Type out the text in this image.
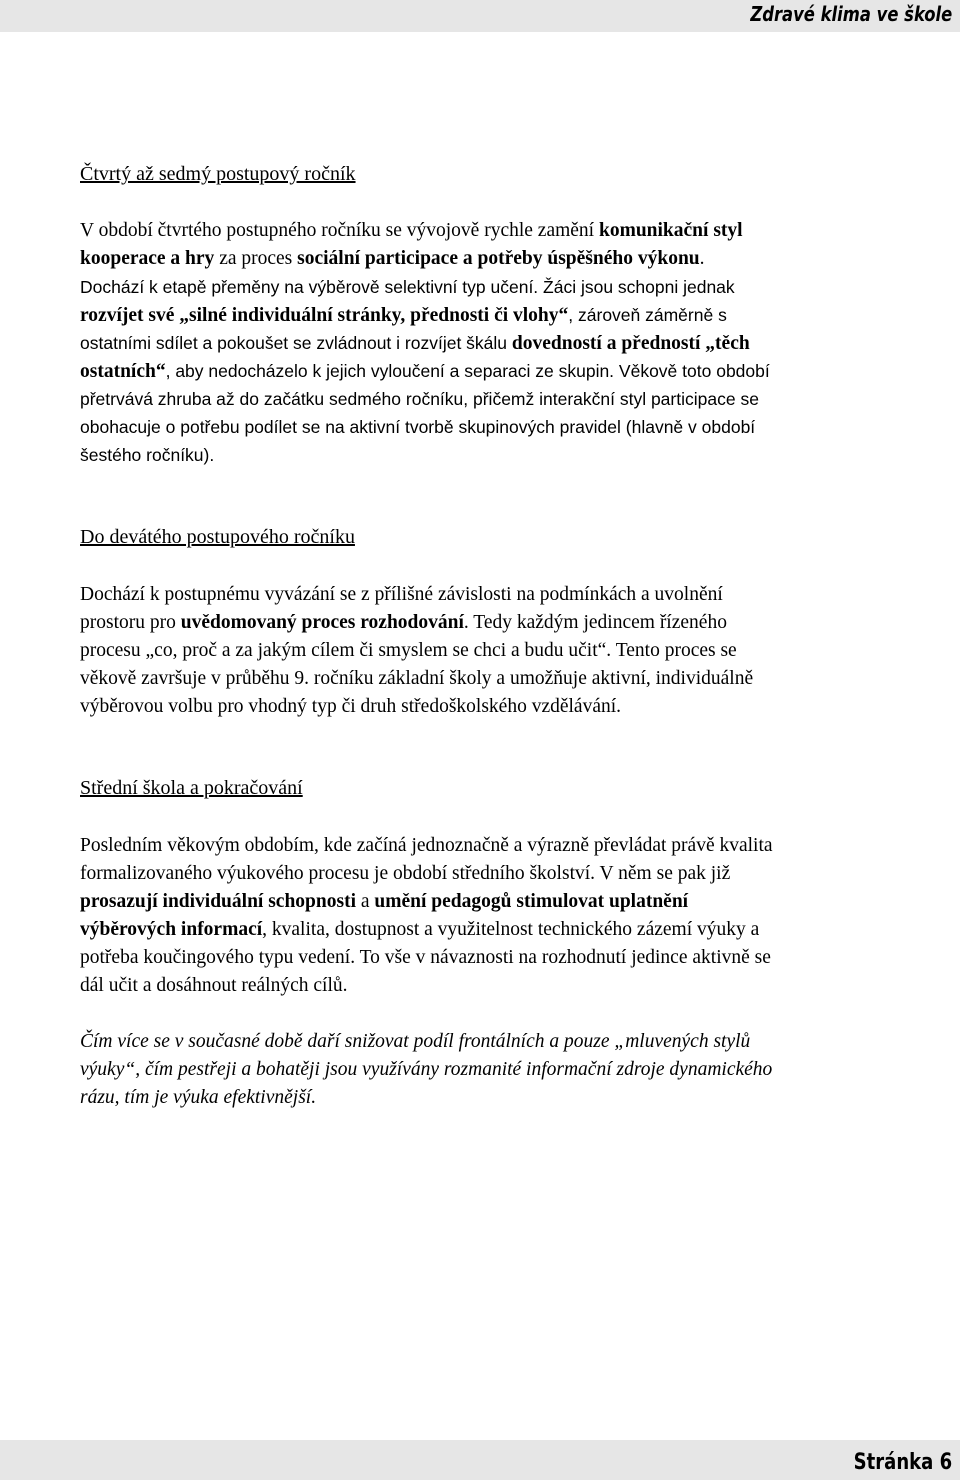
Zdravé klima ve škole
Čtvrtý až sedmý postupový ročník
V období čtvrtého postupného ročníku se vývojově rychle zamění komunikační styl
kooperace a hry za proces sociální participace a potřeby úspěšného výkonu.
Dochází k etapě přeměny na výběrově selektivní typ učení. Žáci jsou schopni jednak
rozvíjet své „silné individuální stránky, přednosti či vlohy“, zároveň záměrně s
ostatními sdílet a pokoušet se zvládnout i rozvíjet škálu dovedností a předností „těch
ostatních“, aby nedocházelo k jejich vyloučení a separaci ze skupin. Věkově toto období
přetrvává zhruba až do začátku sedmého ročníku, přičemž interakční styl participace se
obohacuje o potřebu podílet se na aktivní tvorbě skupinových pravidel (hlavně v období
šestého ročníku).
Do devátého postupového ročníku
Dochází k postupnému vyvázání se z přílišné závislosti na podmínkách a uvolnění
prostoru pro uvědomovaný proces rozhodování. Tedy každým jedincem řízeného
procesu „co, proč a za jakým cílem či smyslem se chci a budu učit“. Tento proces se
věkově završuje v průběhu 9. ročníku základní školy a umožňuje aktivní, individuálně
výběrovou volbu pro vhodný typ či druh středoškolského vzdělávání.
Střední škola a pokračování
Posledním věkovým obdobím, kde začíná jednoznačně a výrazně převládat právě kvalita
formalizovaného výukového procesu je období středního školství. V něm se pak již
prosazují individuální schopnosti a umění pedagogů stimulovat uplatnění
výběrových informací, kvalita, dostupnost a využitelnost technického zázemí výuky a
potřeba koučingového typu vedení. To vše v návaznosti na rozhodnutí jedince aktivně se
dál učit a dosáhnout reálných cílů.
Čím více se v současné době daří snižovat podíl frontálních a pouze „mluvených stylů
výuky“, čím pestřeji a bohatěji jsou využívány rozmanité informační zdroje dynamického
rázu, tím je výuka efektivnější.
Stránka 6
